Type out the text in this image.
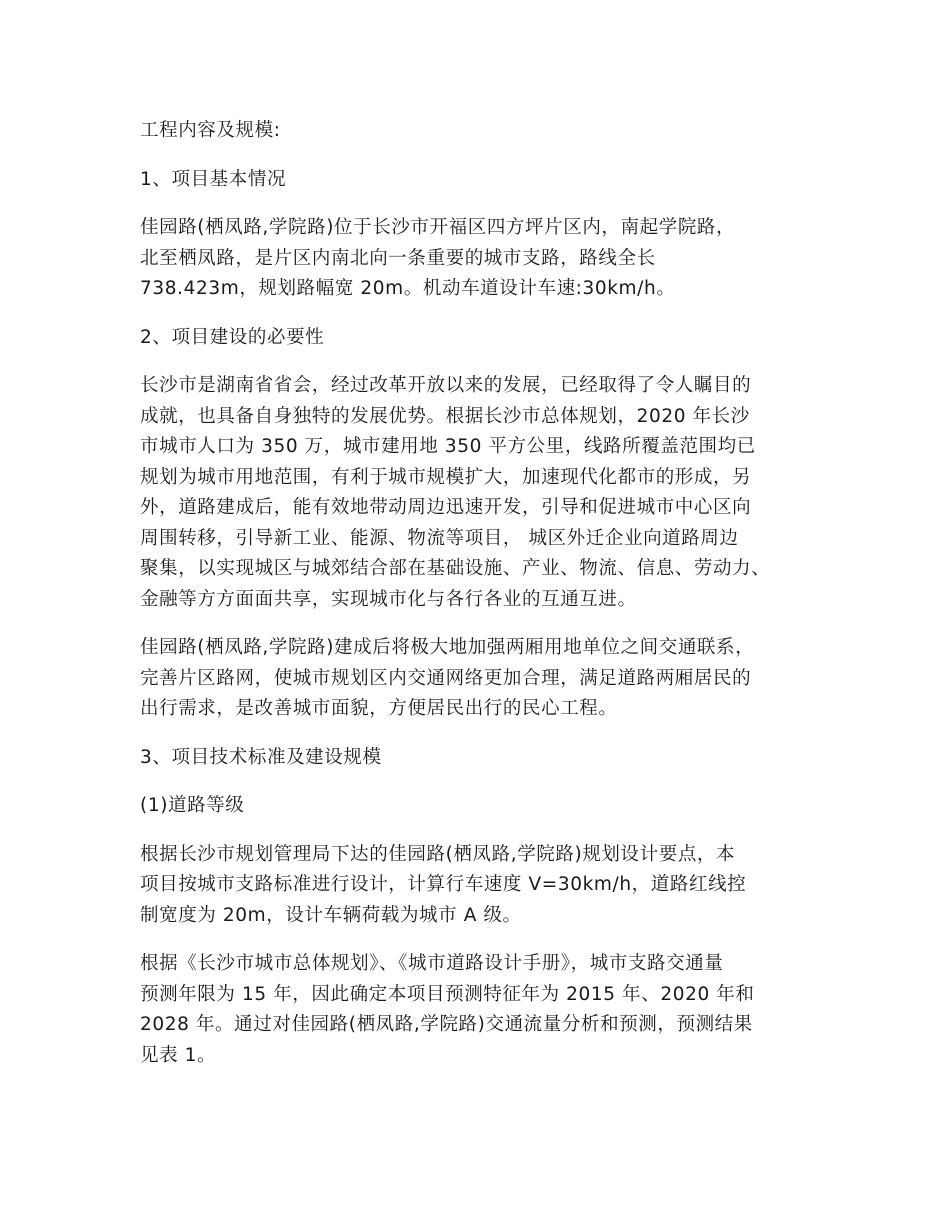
工程内容及规模:
1、项目基本情况
佳园路(栖凤路,学院路)位于长沙市开福区四方坪片区内，南起学院路，
北至栖凤路，是片区内南北向一条重要的城市支路，路线全长
738.423m，规划路幅宽 20m。机动车道设计车速:30km/h。
2、项目建设的必要性
长沙市是湖南省省会，经过改革开放以来的发展，已经取得了令人瞩目的
成就，也具备自身独特的发展优势。根据长沙市总体规划，2020 年长沙
市城市人口为 350 万，城市建用地 350 平方公里，线路所覆盖范围均已
规划为城市用地范围，有利于城市规模扩大，加速现代化都市的形成，另
外，道路建成后，能有效地带动周边迅速开发，引导和促进城市中心区向
周围转移，引导新工业、能源、物流等项目， 城区外迁企业向道路周边
聚集，以实现城区与城郊结合部在基础设施、产业、物流、信息、劳动力、
金融等方方面面共享，实现城市化与各行各业的互通互进。
佳园路(栖凤路,学院路)建成后将极大地加强两厢用地单位之间交通联系，
完善片区路网，使城市规划区内交通网络更加合理，满足道路两厢居民的
出行需求，是改善城市面貌，方便居民出行的民心工程。
3、项目技术标准及建设规模
(1)道路等级
根据长沙市规划管理局下达的佳园路(栖凤路,学院路)规划设计要点，本
项目按城市支路标准进行设计，计算行车速度 V=30km/h，道路红线控
制宽度为 20m，设计车辆荷载为城市 A 级。
根据《长沙市城市总体规划》、《城市道路设计手册》，城市支路交通量
预测年限为 15 年，因此确定本项目预测特征年为 2015 年、2020 年和
2028 年。通过对佳园路(栖凤路,学院路)交通流量分析和预测，预测结果
见表 1。
